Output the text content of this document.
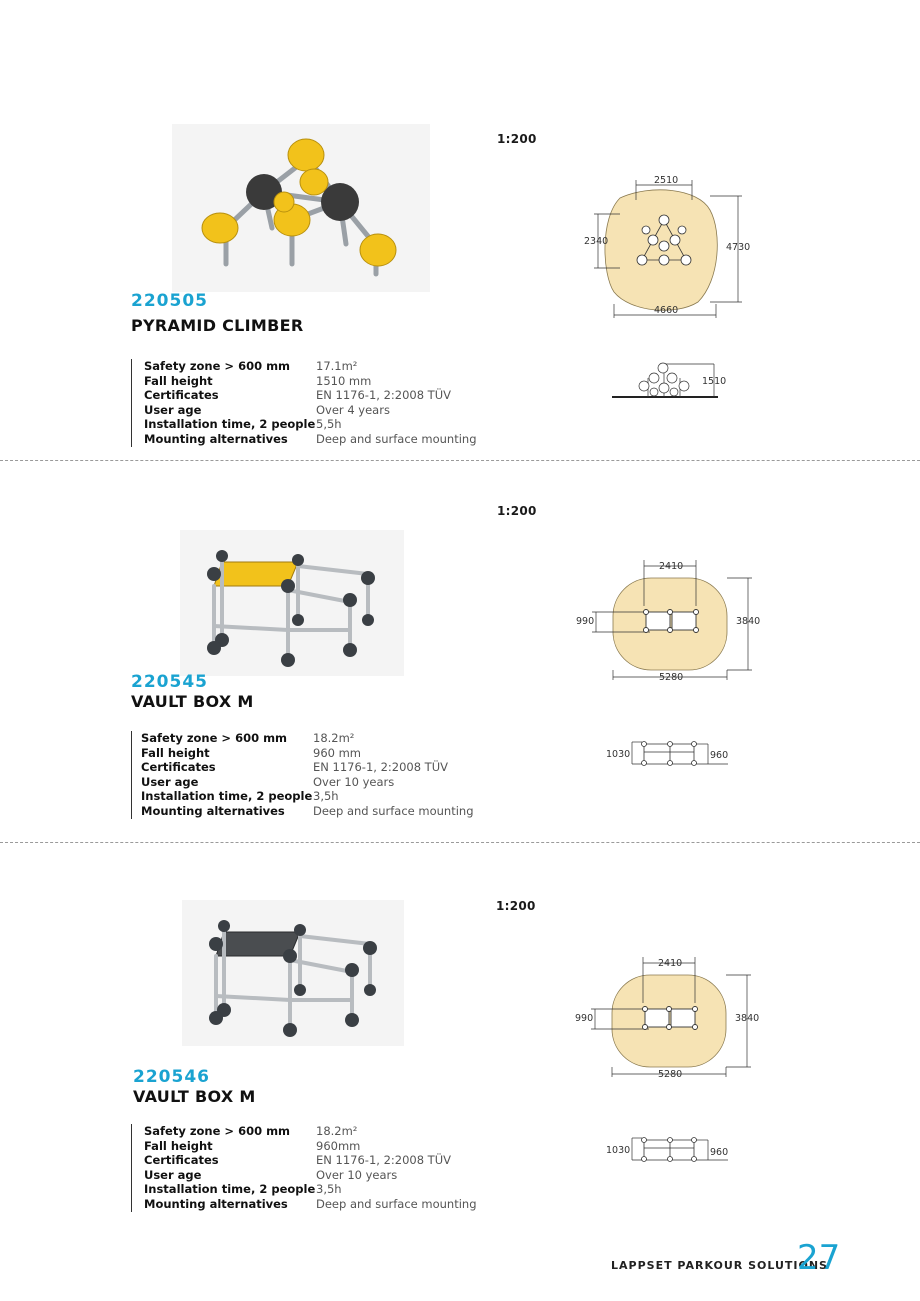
1:200
220505
PYRAMID CLIMBER
Safety zone > 600 mm	17.1m²
Fall height	1510 mm
Certificates	EN 1176-1, 2:2008 TÜV
User age	Over 4 years
Installation time, 2 people 5,5h
Mounting alternatives	Deep and surface mounting
2510
2340
4730
4660
1510
1:200
220545
VAULT BOX M
Safety zone > 600 mm	18.2m²
Fall height	960 mm
Certificates	EN 1176-1, 2:2008 TÜV
User age	Over 10 years
Installation time, 2 people 3,5h
Mounting alternatives	Deep and surface mounting
2410
990	3840
5280
1030	960
1:200
220546
VAULT BOX M
Safety zone > 600 mm	18.2m²
Fall height	960mm
Certificates	EN 1176-1, 2:2008 TÜV
User age	Over 10 years
Installation time, 2 people 3,5h
Mounting alternatives	Deep and surface mounting
2410
990	3840
5280
1030	960
LAPPSET PARKOUR SOLUTIONS
27
